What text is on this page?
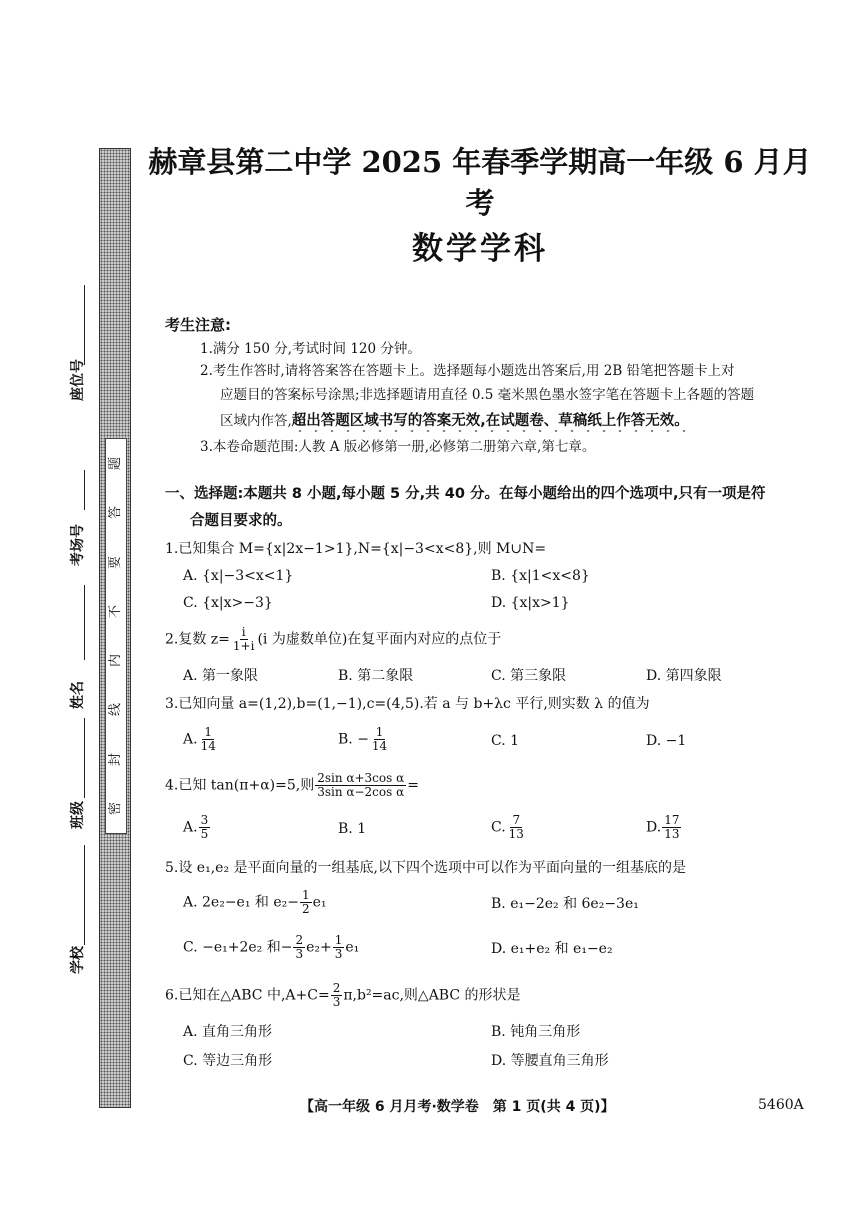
题
答
要
不
内
线
封
密
座位号
考场号
姓名
班级
学校
赫章县第二中学 2025 年春季学期高一年级 6 月月考
数学学科
考生注意:
1.满分 150 分,考试时间 120 分钟。
2.考生作答时,请将答案答在答题卡上。选择题每小题选出答案后,用 2B 铅笔把答题卡上对
应题目的答案标号涂黑;非选择题请用直径 0.5 毫米黑色墨水签字笔在答题卡上各题的答题
区域内作答,超出答题区域书写的答案无效,在试题卷、草稿纸上作答无效。
3.本卷命题范围:人教 A 版必修第一册,必修第二册第六章,第七章。
一、选择题:本题共 8 小题,每小题 5 分,共 40 分。在每小题给出的四个选项中,只有一项是符
合题目要求的。
1.已知集合 M={x|2x−1>1},N={x|−3<x<8},则 M∪N=
A. {x|−3<x<1}	B. {x|1<x<8}
C. {x|x>−3}	D. {x|x>1}
2.复数 $z= \frac{i}{1+i} (i$ 为虚数单位)在复平面内对应的点位于
A. 第一象限	B. 第二象限	C. 第三象限	D. 第四象限
3.已知向量 a=(1,2),b=(1,−1),c=(4,5).若 a 与 b+λc 平行,则实数 λ 的值为
A. $\frac{1}{14}$	B. − $\frac{1}{14}$	C. 1	D. −1
4.已知 tan(π+α)=5,则 $\frac{\text{2sin α+3cos α}}{\text{3sin α−2cos α}}$ =
A. $\frac{3}{5}$	B. 1	C. $\frac{7}{13}$	D. $\frac{17}{13}$
5.设 e₁,e₂ 是平面向量的一组基底,以下四个选项中可以作为平面向量的一组基底的是
A. 2e₂−e₁ 和 $e_2- \frac{1}{2} e_1$	B. e₁−2e₂ 和 6e₂−3e₁
C. −e₁+2e₂ 和− $\frac{2}{3} e_2+ \frac{1}{3} e_1$	D. e₁+e₂ 和 e₁−e₂
6.已知在△ABC 中$,A+C= \frac{2}{3} \pi,b^2=ac$,则△ABC 的形状是
A. 直角三角形	B. 钝角三角形
C. 等边三角形	D. 等腰直角三角形
【高一年级 6 月月考·数学卷　第 1 页(共 4 页)】	5460A
